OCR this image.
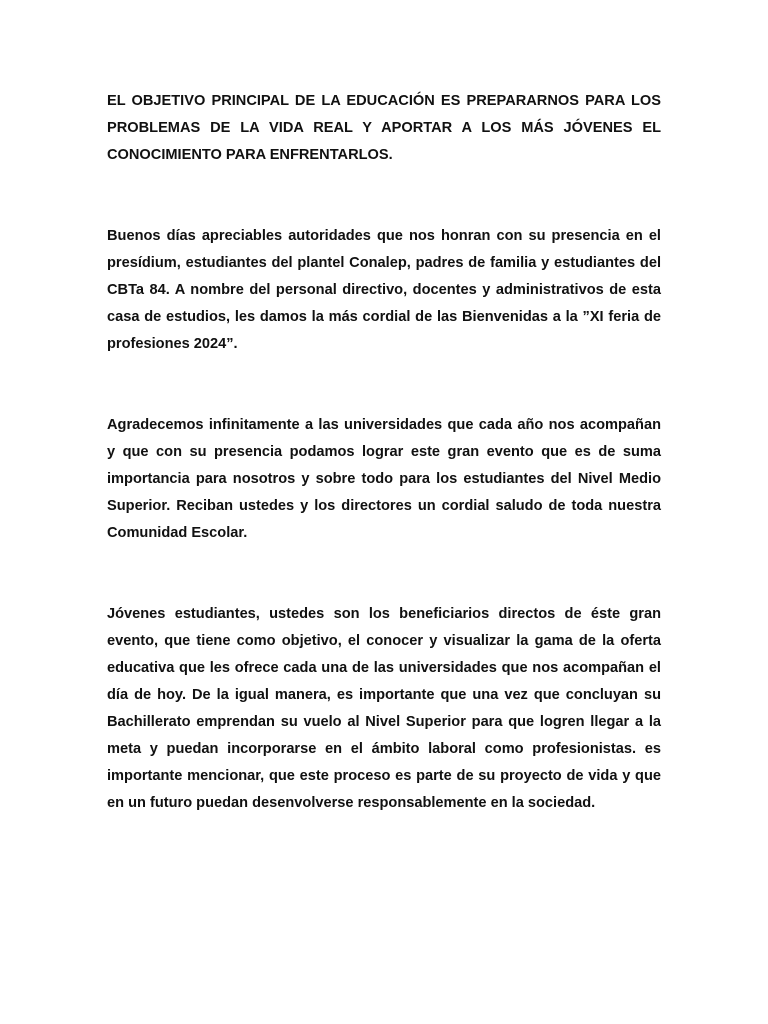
EL OBJETIVO PRINCIPAL DE LA EDUCACIÓN ES PREPARARNOS PARA LOS PROBLEMAS DE LA VIDA REAL Y APORTAR A LOS MÁS JÓVENES EL CONOCIMIENTO PARA ENFRENTARLOS.

Buenos días apreciables autoridades que nos honran con su presencia en el presídium, estudiantes del plantel Conalep, padres de familia y estudiantes del CBTa 84. A nombre del personal directivo, docentes y administrativos de esta casa de estudios, les damos la más cordial de las Bienvenidas a la ”XI feria de profesiones 2024”.

Agradecemos infinitamente a las universidades que cada año nos acompañan y que con su presencia podamos lograr este gran evento que es de suma importancia para nosotros y sobre todo para los estudiantes del Nivel Medio Superior. Reciban ustedes y los directores un cordial saludo de toda nuestra Comunidad Escolar.

Jóvenes estudiantes, ustedes son los beneficiarios directos de éste gran evento, que tiene como objetivo, el conocer y visualizar la gama de la oferta educativa que les ofrece cada una de las universidades que nos acompañan el día de hoy. De la igual manera, es importante que una vez que concluyan su Bachillerato emprendan su vuelo al Nivel Superior para que logren llegar a la meta y puedan incorporarse en el ámbito laboral como profesionistas. es importante mencionar, que este proceso es parte de su proyecto de vida y que en un futuro puedan desenvolverse responsablemente en la sociedad.
